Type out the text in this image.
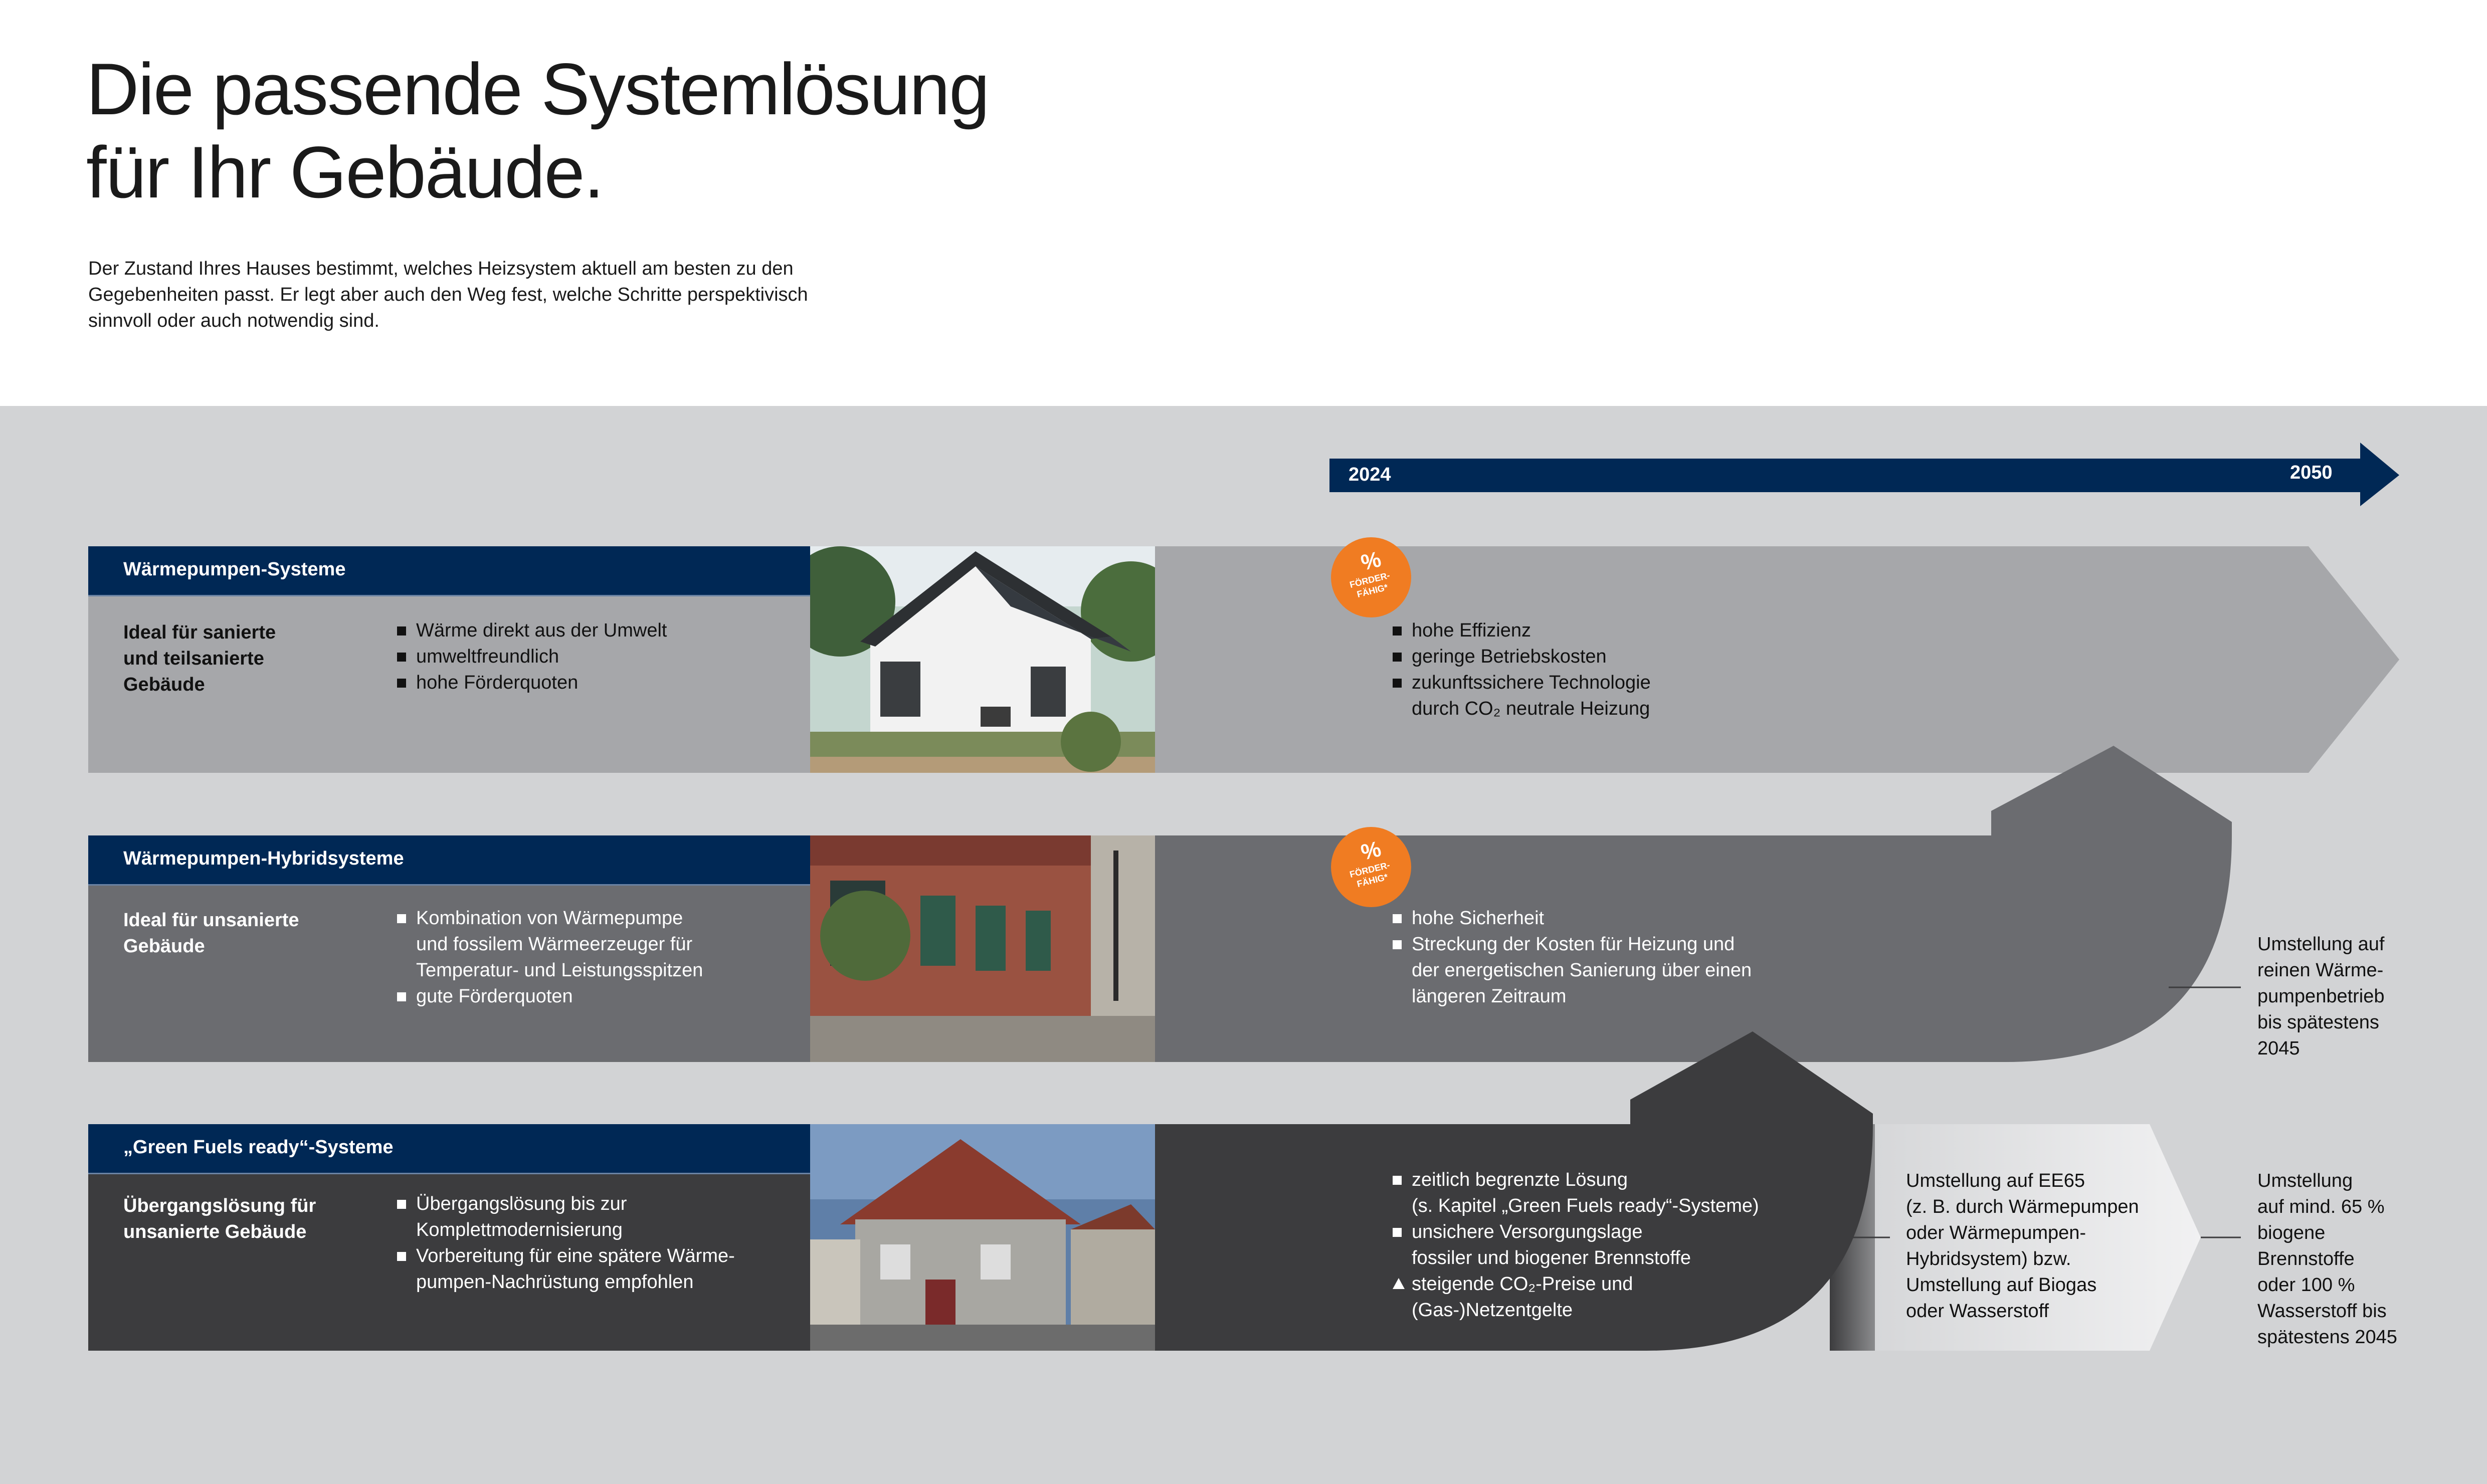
Die passende Systemlösung
für Ihr Gebäude.

Der Zustand Ihres Hauses bestimmt, welches Heizsystem aktuell am besten zu den
Gegebenheiten passt. Er legt aber auch den Weg fest, welche Schritte perspektivisch
sinnvoll oder auch notwendig sind.

2024	2050
Wärmepumpen-Systeme
Ideal für sanierte
und teilsanierte
Gebäude
Wärme direkt aus der Umwelt
umweltfreundlich
hohe Förderquoten
%
FÖRDER-
FÄHIG*
hohe Effizienz
geringe Betriebskosten
zukunftssichere Technologie
durch CO₂ neutrale Heizung
Wärmepumpen-Hybridsysteme
Ideal für unsanierte
Gebäude
Kombination von Wärmepumpe
und fossilem Wärmeerzeuger für
Temperatur- und Leistungsspitzen
gute Förderquoten
%
FÖRDER-
FÄHIG*
hohe Sicherheit
Streckung der Kosten für Heizung und
der energetischen Sanierung über einen
längeren Zeitraum
Umstellung auf
reinen Wärme-
pumpenbetrieb
bis spätestens
2045
„Green Fuels ready“-Systeme
Übergangslösung für
unsanierte Gebäude
Übergangslösung bis zur
Komplettmodernisierung
Vorbereitung für eine spätere Wärme-
pumpen-Nachrüstung empfohlen
zeitlich begrenzte Lösung
(s. Kapitel „Green Fuels ready“-Systeme)
unsichere Versorgungslage
fossiler und biogener Brennstoffe
steigende CO₂-Preise und
(Gas-)Netzentgelte
Umstellung auf EE65
(z. B. durch Wärmepumpen
oder Wärmepumpen-
Hybridsystem) bzw.
Umstellung auf Biogas
oder Wasserstoff
Umstellung
auf mind. 65 %
biogene
Brennstoffe
oder 100 %
Wasserstoff bis
spätestens 2045
